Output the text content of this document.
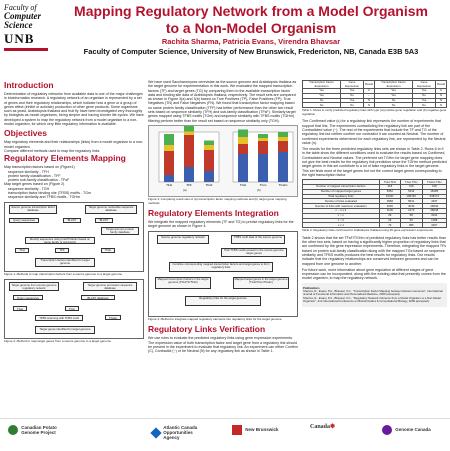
Faculty of
Computer
Science
UNB
Mapping Regulatory Network from a Model Organism
to a Non-Model Organism
Rachita Sharma, Patricia Evans, Virendra Bhavsar
Faculty of Computer Science, University of New Brunswick, Fredericton, NB, Canada E3B 5A3
Introduction

Determination of regulatory networks from available data is one of the major challenges in bioinformatics research. A regulatory network of an organism is represented by a set of genes and their regulatory relationships, which indicate how a gene or a group of genes affect (inhibit or activate) production of other gene products. Some organisms such as yeast, Arabidopsis thaliana and fruit fly have been investigated very thoroughly by biologists as model organisms, being simpler and having shorter life cycles. We have developed a system to map the regulatory network from a model organism to a non-model organism, for which very little regulatory information is available.

Objectives

Map regulatory elements and their relationships (links) from a model organism to a non-model organism

Compare different methods used to map the regulatory links

Regulatory Elements Mapping

Map transcription factors based on (Figure1)

sequence similarity - TFH

protein family classification - TFF

protein sub-family classification - TFsF

Map target genes based on (Figure 2)

sequence similarity - TGH

transcription factor binding site (TFBS) motifs - TGm

sequence similarity and TFBS motifs - TGHm

Source genome transcription factor database
Target genome nucleotide sequence database
Query sequences	BLAST	BLAST
Target genome protein family database
Identify sequences using InterProScan based on same family or sub-family
TFH	TFF	TFsF
Transcription factors identified for target genome
Figure 1: Methods to map transcription factors from a source genome to a target genome
Target genome from source genome regulatory network
Target genome promoters sequence database
Query sequences	BLAST database
TGH	TGm
TFBS scanning with TFBS motif	TGHm
Target genes identified for target genome
Figure 2: Method to map target genes from a source genome to a target genome

We have used Saccharomyces cerevisiae as the source genome and Arabidopsis thaliana as the target genome for experimentation in this work. We evaluated the mapped transcription factors (TF) and target genes (TG) by comparing them to the available transcription factor data and binding site data of Arabidopsis thaliana, respectively. The result sets are compared as shown in Figure 3(a) and 3(b) based on True Positives (TP), False Positives (FP), True Negatives (TN) and False Negatives (FN). We found that transcription factor mapping based on same protein family classification (TFF) has better performance than the other two result sets based on sequence similarity (TFH) and sub-family classification (TFsF). Similarly target genes mapped using TFBS motifs (TGm) and sequence similarity with TFBS motifs (TGHm) filtering perform better than the result set based on sequence similarity only (TGH).

TFH	TFF	TFsF	TGH	TGm	TGHm
(a)	(b)
Figure 3: Comparing result sets of (a) transcription factor mapping methods and (b) target gene mapping methods
Regulatory Elements Integration

We integrate the mapped regulatory elements (TF and TG) to predict regulatory links for the target genome as shown in Figure 4.

Source genome regulatory network	TFBS motif data of the source genome
Pick TFBS motifs present in the source genome target genes
Combine corresponding mapped transcription factors and target genes to form regulatory links
Mapped transcription factors in the target genome (TFH/TF/TFsF)
Mapped target genes in the target genome (TGH/TGm/TGHm)
Regulatory links for the target genome
Figure 4: Method to integrate mapped regulatory elements into regulatory links for the target genome
Regulatory Links Verification

We use rules to evaluate the predicted regulatory links using gene expression experiments. The expression value of both transcription factor and target gene from a regulatory link should be present in the experiment to evaluate that regulatory link. An experiment can either Confirm (C), Contradict (−) or be Neutral (N) for any regulatory link as shown in Table 1.

Transcription Factor Expression	Gene Expression	Result	Transcription Factor Expression	Gene Expression	Result
Yes	Yes	C	Yes	Yes	C
Yes	No	−	Yes	No	N
No	Yes	N	No	Yes	N
No	No	N	No	No	N
Table 1: Rules to verify predicted regulatory links with type (a) positive gene regulation and (b) negative gene regulation

The Confirmed value (c) for a regulatory link represents the number of experiments that support that link. The experiments contradicting the regulatory link are part of the Contradicted value (−). The rest of the experiments that include the TF and TG of the regulatory link but neither confirm nor contradict it are counted as Neutral. The number of confirmed experiments determined for each regulatory link, are represented by the Neutral value (n).

The results for the three predicted regulatory links sets are shown in Table 2. Rows 6 to 9 in the table show the different conditions used to evaluate the results based on Confirmed, Contradicted and Neutral values. The preferred set TGHm for target gene mapping does not give the best results for the regulatory link prediction since the TGHm method predicted target genes in this set contribute to a lot of false regulatory links in the target genome. This set finds most of the target genes but not the correct target genes corresponding to the right transcription factor.

	TGH TFH	TGm TFH	TGHm TFH
Number of mapped transcription factors	318	318	318
Number of mapped target genes	5352	5232	18185
Total regulatory links	15421	186153	538174
Number of links evaluated	3958	8631	4937
Number of links with maximum evaluation	2006	3039	28646
c − n ≥ 2	1109	2173	28648
c > n	29	58	3014
c > 2	26	56	1068
c ≥ 1	79	386	4467
Table 2: Regulatory links confirmed for Arabidopsis thaliana using 45 gene expression experiments

Table 2 shows that the set TFsF/TGHm of predicted regulatory links has better results than the other two sets, based on having a significantly higher proportion of regulatory links that are confirmed by the gene expression experiments. Therefore, integrating the mapped TFs based on protein sub-family classification along with the mapped TGs based on sequence similarity and TFBS motifs produces the best results for regulatory links. Our results indicate that the regulatory relationships are conserved between genomes and can be mapped from one genome to another.

For future work, more information about gene regulation at different stages of gene expression can be incorporated, along with the existing data that presently comes from the model organism, to map the regulatory network.

Publications

Sharma, R., Evans, P.A., Bhavsar, V.C., "Transcription Factor Mapping between Histone Genomes", International Journal of Functional Informatics and Personalised Medicine, 2009 (accepted).
Sharma, R., Evans, P.A., Bhavsar, V.C., "Regulatory Network Inference from a Model Organism to a Non-Model Organism", 2nd International Conference on Bioinformatics & Computational Biology, 2009 (accepted).

Canadian Potato
Genome Project
Atlantic Canada
Opportunities
Agency
New Brunswick	Canada✽	Genome Canada
